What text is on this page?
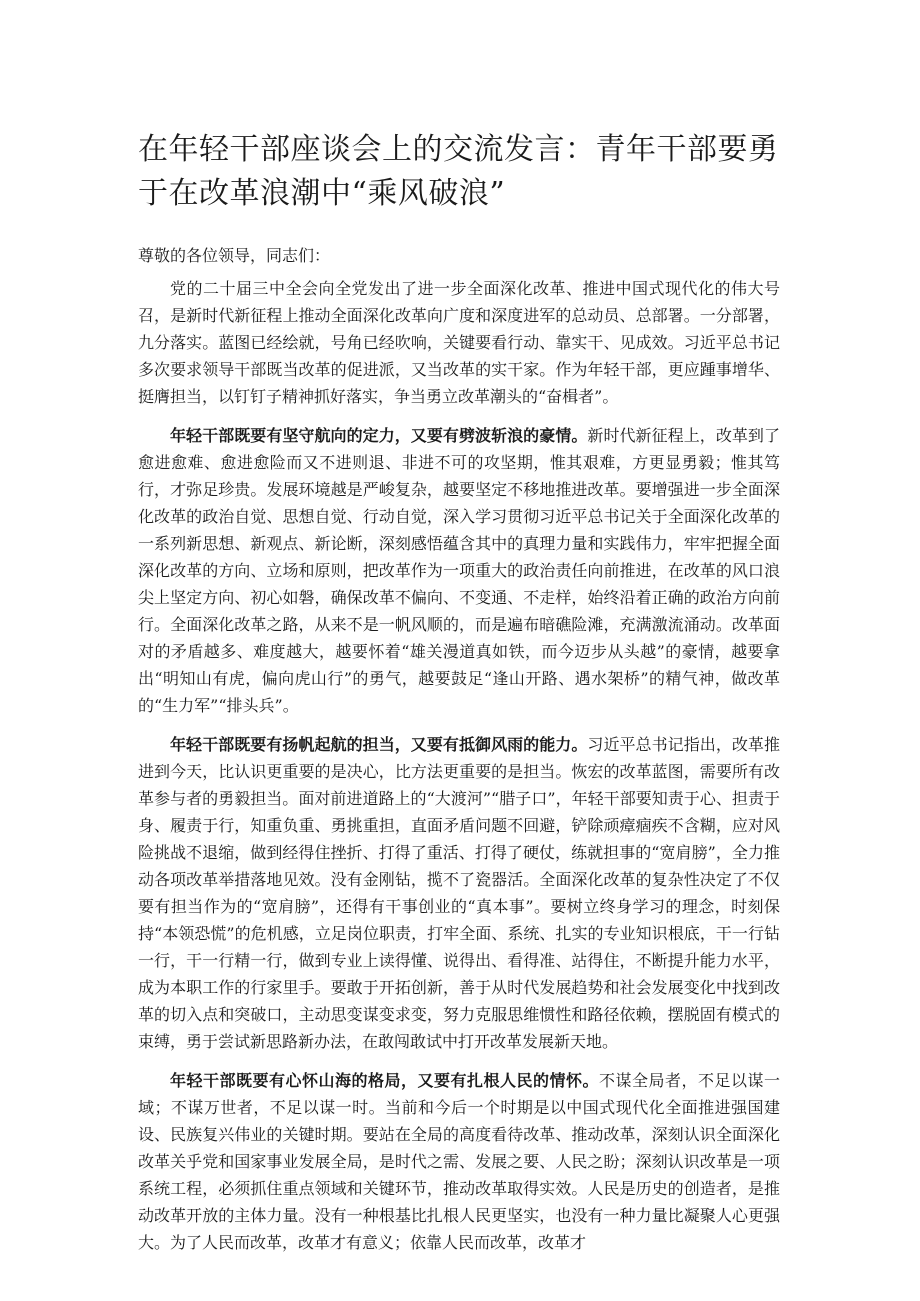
在年轻干部座谈会上的交流发言：青年干部要勇于在改革浪潮中“乘风破浪”

尊敬的各位领导，同志们：

党的二十届三中全会向全党发出了进一步全面深化改革、推进中国式现代化的伟大号召，是新时代新征程上推动全面深化改革向广度和深度进军的总动员、总部署。一分部署，九分落实。蓝图已经绘就，号角已经吹响，关键要看行动、靠实干、见成效。习近平总书记多次要求领导干部既当改革的促进派，又当改革的实干家。作为年轻干部，更应踵事增华、挺膺担当，以钉钉子精神抓好落实，争当勇立改革潮头的“奋楫者”。

年轻干部既要有坚守航向的定力，又要有劈波斩浪的豪情。新时代新征程上，改革到了愈进愈难、愈进愈险而又不进则退、非进不可的攻坚期，惟其艰难，方更显勇毅；惟其笃行，才弥足珍贵。发展环境越是严峻复杂，越要坚定不移地推进改革。要增强进一步全面深化改革的政治自觉、思想自觉、行动自觉，深入学习贯彻习近平总书记关于全面深化改革的一系列新思想、新观点、新论断，深刻感悟蕴含其中的真理力量和实践伟力，牢牢把握全面深化改革的方向、立场和原则，把改革作为一项重大的政治责任向前推进，在改革的风口浪尖上坚定方向、初心如磐，确保改革不偏向、不变通、不走样，始终沿着正确的政治方向前行。全面深化改革之路，从来不是一帆风顺的，而是遍布暗礁险滩，充满激流涌动。改革面对的矛盾越多、难度越大，越要怀着“雄关漫道真如铁，而今迈步从头越”的豪情，越要拿出“明知山有虎，偏向虎山行”的勇气，越要鼓足“逢山开路、遇水架桥”的精气神，做改革的“生力军”“排头兵”。

年轻干部既要有扬帆起航的担当，又要有抵御风雨的能力。习近平总书记指出，改革推进到今天，比认识更重要的是决心，比方法更重要的是担当。恢宏的改革蓝图，需要所有改革参与者的勇毅担当。面对前进道路上的“大渡河”“腊子口”，年轻干部要知责于心、担责于身、履责于行，知重负重、勇挑重担，直面矛盾问题不回避，铲除顽瘴痼疾不含糊，应对风险挑战不退缩，做到经得住挫折、打得了重活、打得了硬仗，练就担事的“宽肩膀”，全力推动各项改革举措落地见效。没有金刚钻，揽不了瓷器活。全面深化改革的复杂性决定了不仅要有担当作为的“宽肩膀”，还得有干事创业的“真本事”。要树立终身学习的理念，时刻保持“本领恐慌”的危机感，立足岗位职责，打牢全面、系统、扎实的专业知识根底，干一行钻一行，干一行精一行，做到专业上读得懂、说得出、看得准、站得住，不断提升能力水平，成为本职工作的行家里手。要敢于开拓创新，善于从时代发展趋势和社会发展变化中找到改革的切入点和突破口，主动思变谋变求变，努力克服思维惯性和路径依赖，摆脱固有模式的束缚，勇于尝试新思路新办法，在敢闯敢试中打开改革发展新天地。

年轻干部既要有心怀山海的格局，又要有扎根人民的情怀。不谋全局者，不足以谋一域；不谋万世者，不足以谋一时。当前和今后一个时期是以中国式现代化全面推进强国建设、民族复兴伟业的关键时期。要站在全局的高度看待改革、推动改革，深刻认识全面深化改革关乎党和国家事业发展全局，是时代之需、发展之要、人民之盼；深刻认识改革是一项系统工程，必须抓住重点领域和关键环节，推动改革取得实效。人民是历史的创造者，是推动改革开放的主体力量。没有一种根基比扎根人民更坚实，也没有一种力量比凝聚人心更强大。为了人民而改革，改革才有意义；依靠人民而改革，改革才
